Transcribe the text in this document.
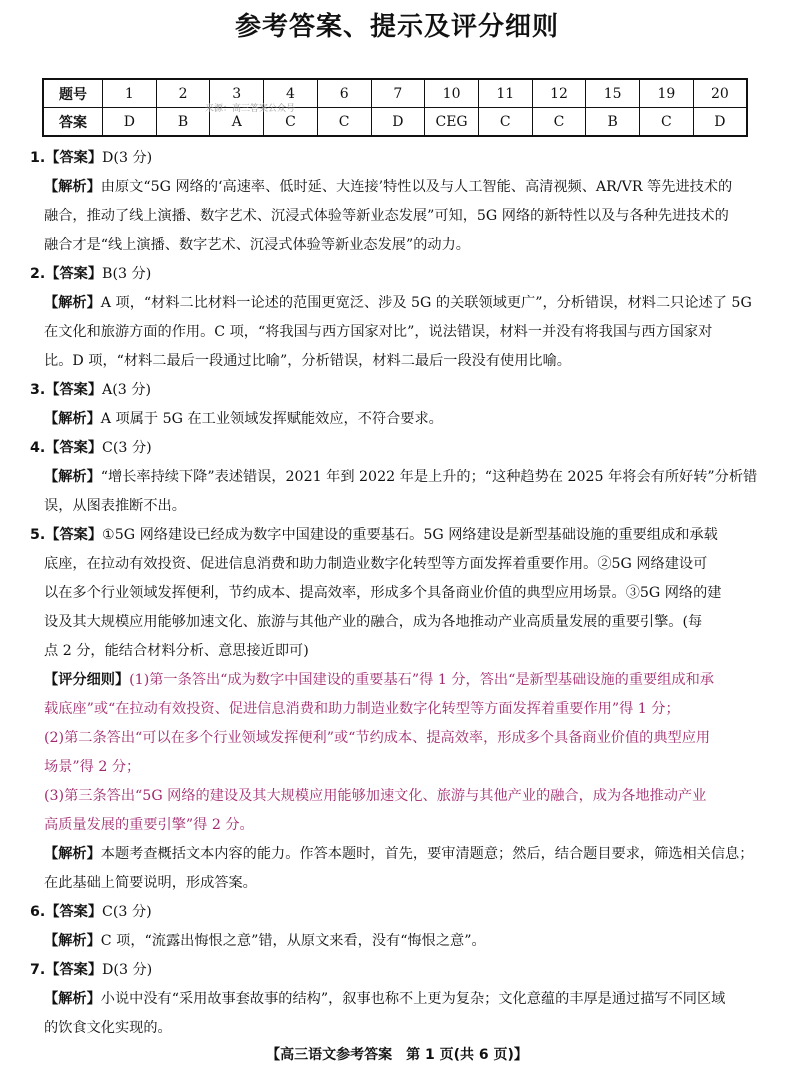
参考答案、提示及评分细则
题号	1	2	3	4	6	7	10	11	12	15	19	20
答案	D	B	A	C	C	D	CEG	C	C	B	C	D
来源：高三答案公众号
1.【答案】D(3 分)
【解析】由原文“5G 网络的‘高速率、低时延、大连接’特性以及与人工智能、高清视频、AR/VR 等先进技术的
融合，推动了线上演播、数字艺术、沉浸式体验等新业态发展”可知，5G 网络的新特性以及与各种先进技术的
融合才是“线上演播、数字艺术、沉浸式体验等新业态发展”的动力。
2.【答案】B(3 分)
【解析】A 项，“材料二比材料一论述的范围更宽泛、涉及 5G 的关联领域更广”，分析错误，材料二只论述了 5G
在文化和旅游方面的作用。C 项，“将我国与西方国家对比”，说法错误，材料一并没有将我国与西方国家对
比。D 项，“材料二最后一段通过比喻”，分析错误，材料二最后一段没有使用比喻。
3.【答案】A(3 分)
【解析】A 项属于 5G 在工业领域发挥赋能效应，不符合要求。
4.【答案】C(3 分)
【解析】“增长率持续下降”表述错误，2021 年到 2022 年是上升的；“这种趋势在 2025 年将会有所好转”分析错
误，从图表推断不出。
5.【答案】①5G 网络建设已经成为数字中国建设的重要基石。5G 网络建设是新型基础设施的重要组成和承载
底座，在拉动有效投资、促进信息消费和助力制造业数字化转型等方面发挥着重要作用。②5G 网络建设可
以在多个行业领域发挥便利，节约成本、提高效率，形成多个具备商业价值的典型应用场景。③5G 网络的建
设及其大规模应用能够加速文化、旅游与其他产业的融合，成为各地推动产业高质量发展的重要引擎。(每
点 2 分，能结合材料分析、意思接近即可)
【评分细则】(1)第一条答出“成为数字中国建设的重要基石”得 1 分，答出“是新型基础设施的重要组成和承
载底座”或“在拉动有效投资、促进信息消费和助力制造业数字化转型等方面发挥着重要作用”得 1 分；
(2)第二条答出“可以在多个行业领域发挥便利”或“节约成本、提高效率，形成多个具备商业价值的典型应用
场景”得 2 分；
(3)第三条答出“5G 网络的建设及其大规模应用能够加速文化、旅游与其他产业的融合，成为各地推动产业
高质量发展的重要引擎”得 2 分。
【解析】本题考查概括文本内容的能力。作答本题时，首先，要审清题意；然后，结合题目要求，筛选相关信息；
在此基础上简要说明，形成答案。
6.【答案】C(3 分)
【解析】C 项，“流露出悔恨之意”错，从原文来看，没有“悔恨之意”。
7.【答案】D(3 分)
【解析】小说中没有“采用故事套故事的结构”，叙事也称不上更为复杂；文化意蕴的丰厚是通过描写不同区域
的饮食文化实现的。
【高三语文参考答案　第 1 页(共 6 页)】
